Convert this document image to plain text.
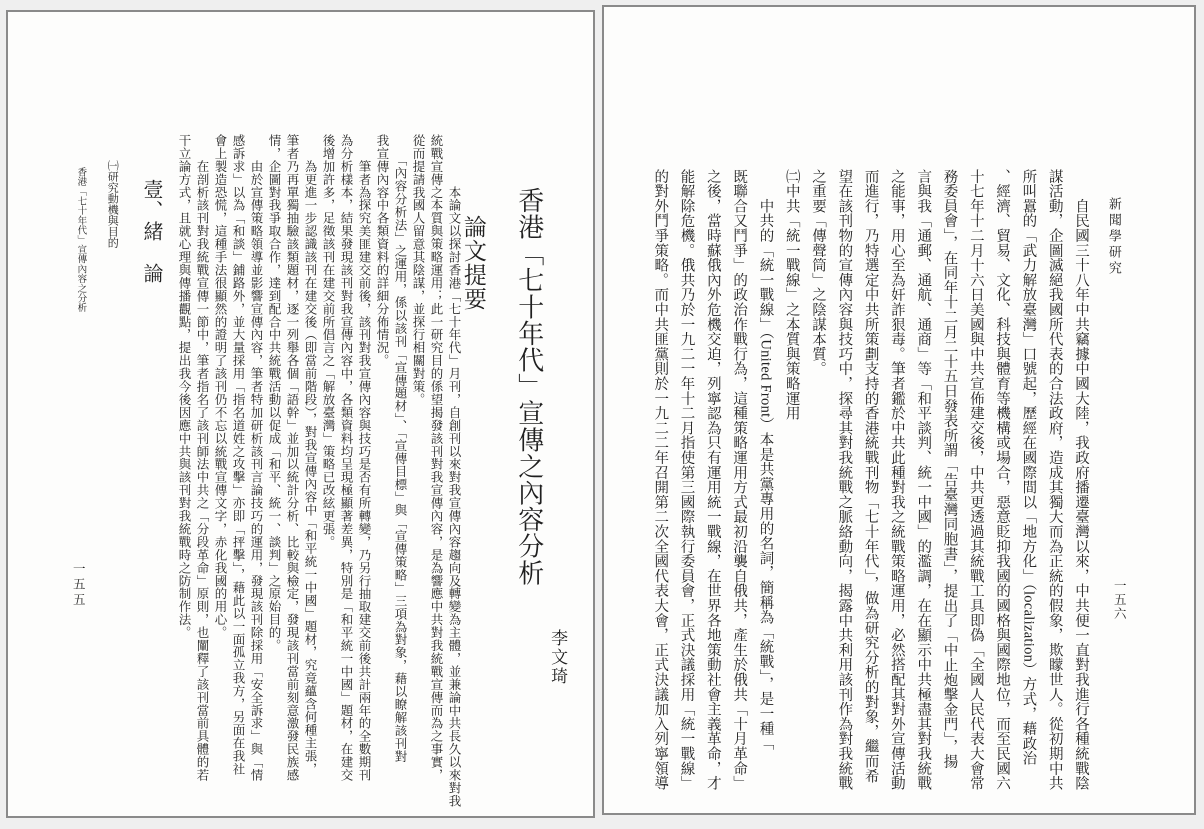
香港「七十年代」宣傳之內容分析
論文提要
李文琦
　　　　本論文以探討香港「七十年代」月刊，自創刊以來對我宣傳內容趨向及轉變為主體，並兼論中共長久以來對我
統戰宣傳之本質與策略運用；此一研究目的係望揭發該刊對我宣傳內容，是為響應中共對我統戰宣傳而為之事實，
從而提請我國人留意其陰謀，並探行相關對策。
　　「內容分析法」之運用，係以該刊「宣傳題材」、「宣傳目標」與「宣傳策略」三項為對象，藉以瞭解該刊對
我宣傳內容中各類資料的詳細分佈情況。
　　筆者為探究美匪建交前後，該刊對我宣傳內容與技巧是否有所轉變，乃另行抽取建交前後共計兩年的全數期刊
為分析樣本，結果發現該刊對我宣傳內容中，各類資料均呈現極顯著差異，特別是「和平統一中國」題材，在建交
後增加許多，足徵該刊在建交前所倡言之「解放臺灣」策略已改絃更張。
　　為更進一步認識該刊在建交後（即當前階段），對我宣傳內容中「和平統一中國」題材，究竟蘊含何種主張，
筆者乃再單獨抽驗該類題材，逐一列舉各個「語幹」並加以統計分析、比較與檢定，發現該刊當前刻意激發民族感
情，企圖對我爭取合作，達到配合中共統戰活動以促成「和平、統一、談判」之原始目的。
　　由於宣傳策略領導並影響宣傳內容，筆者特加研析該刊言論技巧的運用，發現該刊除採用「安全訴求」與「情
感訴求」以為「和談」鋪路外，並大量採用「指名道姓之攻擊」亦即「抨擊」，藉此以一面孤立我方，另面在我社
會上製造恐慌，這種手法很顯然的證明了該刊仍不忘以統戰宣傳文字，赤化我國的用心。
　　在剖析該刊對我統戰宣傳一節中，筆者指名了該刊師法中共之「分段革命」原則，也闡釋了該刊當前具體的若
干立論方式，且就心理與傳播觀點，提出我今後因應中共與該刊對我統戰時之防制作法。
壹、緒　論
㈠研究動機與目的
香港「七十年代」宣傳內容之分析
一五五
新聞學研究
一五六
　　自民國三十八年中共竊據中國大陸，我政府播遷臺灣以來，中共便一直對我進行各種統戰陰
謀活動，企圖滅絕我國所代表的合法政府，造成其獨大而為正統的假象，欺矇世人。從初期中共
所叫囂的「武力解放臺灣」口號起，歷經在國際間以「地方化」（localization）方式，藉政治
、經濟、貿易、文化、科技與體育等機構或場合，惡意貶抑我國的國格與國際地位，而至民國六
十七年十二月十六日美國與中共宣佈建交後，中共更透過其統戰工具即偽「全國人民代表大會常
務委員會」，在同年十二月二十五日發表所謂「告臺灣同胞書」，提出了「中止炮擊金門」，揚
言與我「通郵、通航、通商」等「和平談判、統一中國」的濫調，在在顯示中共極盡其對我統戰
之能事，用心至為奸詐狠毒。筆者鑑於中共此種對我之統戰策略運用，必然搭配其對外宣傳活動
而進行，乃特選定中共所策劃支持的香港統戰刊物「七十年代」，做為研究分析的對象，繼而希
望在該刊物的宣傳內容與技巧中，探尋其對我統戰之脈絡動向，揭露中共利用該刊作為對我統戰
之重要「傳聲筒」之陰謀本質。
㈡中共「統一戰線」之本質與策略運用
　　中共的「統一戰線」（United Front）本是共黨專用的名詞，簡稱為「統戰」，是一種「
既聯合又鬥爭」的政治作戰行為，這種策略運用方式最初沿襲自俄共，產生於俄共「十月革命」
之後，當時蘇俄內外危機交迫，列寧認為只有運用統一戰線，在世界各地策動社會主義革命，才
能解除危機。俄共乃於一九二一年十二月指使第三國際執行委員會，正式決議採用「統一戰線」
的對外鬥爭策略。而中共匪黨則於一九二二年召開第二次全國代表大會，正式決議加入列寧領導
